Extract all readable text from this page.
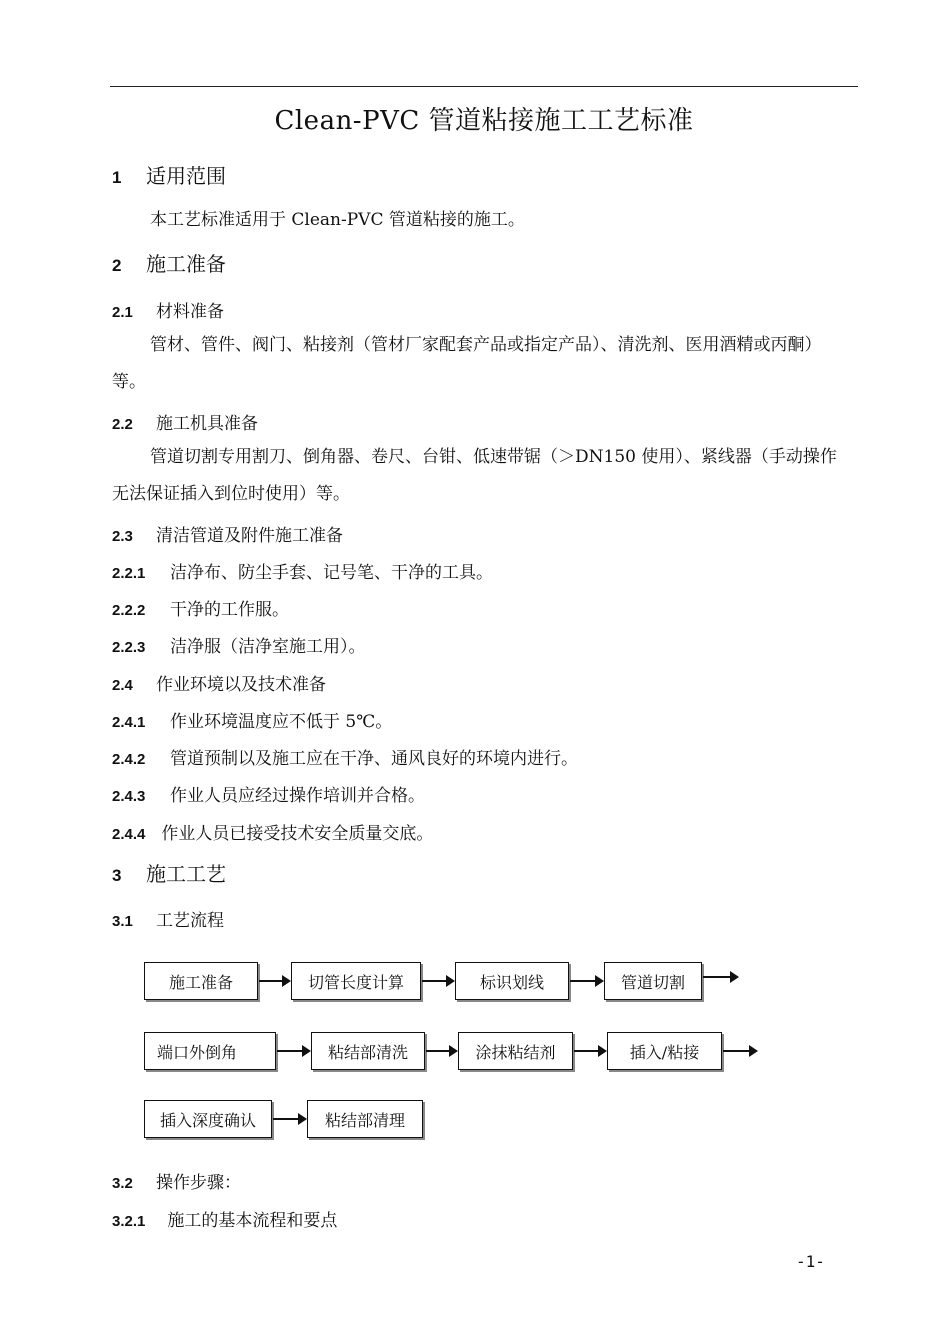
Clean-PVC 管道粘接施工工艺标准
1 适用范围
本工艺标准适用于 Clean-PVC 管道粘接的施工。
2 施工准备
2.1 材料准备
管材、管件、阀门、粘接剂（管材厂家配套产品或指定产品）、清洗剂、医用酒精或丙酮）等。
2.2 施工机具准备
管道切割专用割刀、倒角器、卷尺、台钳、低速带锯（＞DN150 使用）、紧线器（手动操作无法保证插入到位时使用）等。
2.3 清洁管道及附件施工准备
2.2.1 洁净布、防尘手套、记号笔、干净的工具。
2.2.2 干净的工作服。
2.2.3 洁净服（洁净室施工用）。
2.4 作业环境以及技术准备
2.4.1 作业环境温度应不低于 5℃。
2.4.2 管道预制以及施工应在干净、通风良好的环境内进行。
2.4.3 作业人员应经过操作培训并合格。
2.4.4 作业人员已接受技术安全质量交底。
3 施工工艺
3.1 工艺流程
施工准备	切管长度计算	标识划线	管道切割
端口外倒角	粘结部清洗	涂抹粘结剂	插入/粘接
插入深度确认	粘结部清理
3.2 操作步骤：
3.2.1 施工的基本流程和要点
-1-
